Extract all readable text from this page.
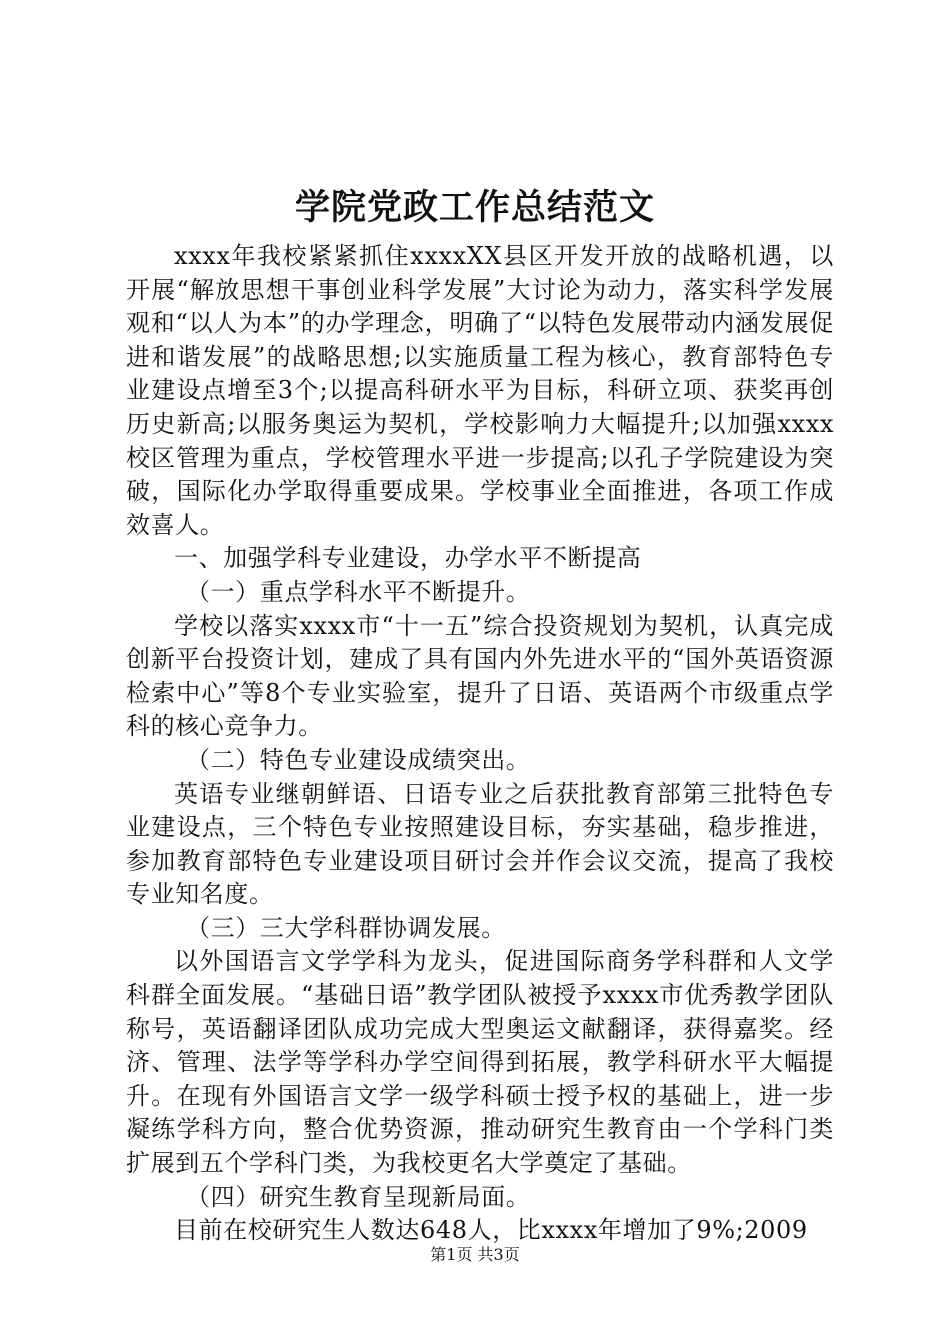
学院党政工作总结范文

xxxx年我校紧紧抓住xxxxXX县区开发开放的战略机遇，以开展“解放思想干事创业科学发展”大讨论为动力，落实科学发展观和“以人为本”的办学理念，明确了“以特色发展带动内涵发展促进和谐发展”的战略思想;以实施质量工程为核心，教育部特色专业建设点增至3个;以提高科研水平为目标，科研立项、获奖再创历史新高;以服务奥运为契机，学校影响力大幅提升;以加强xxxx校区管理为重点，学校管理水平进一步提高;以孔子学院建设为突破，国际化办学取得重要成果。学校事业全面推进，各项工作成效喜人。

一、加强学科专业建设，办学水平不断提高

（一）重点学科水平不断提升。

学校以落实xxxx市“十一五”综合投资规划为契机，认真完成创新平台投资计划，建成了具有国内外先进水平的“国外英语资源检索中心”等8个专业实验室，提升了日语、英语两个市级重点学科的核心竞争力。

（二）特色专业建设成绩突出。

英语专业继朝鲜语、日语专业之后获批教育部第三批特色专业建设点，三个特色专业按照建设目标，夯实基础，稳步推进，参加教育部特色专业建设项目研讨会并作会议交流，提高了我校专业知名度。

（三）三大学科群协调发展。

以外国语言文学学科为龙头，促进国际商务学科群和人文学科群全面发展。“基础日语”教学团队被授予xxxx市优秀教学团队称号，英语翻译团队成功完成大型奥运文献翻译，获得嘉奖。经济、管理、法学等学科办学空间得到拓展，教学科研水平大幅提升。在现有外国语言文学一级学科硕士授予权的基础上，进一步凝练学科方向，整合优势资源，推动研究生教育由一个学科门类扩展到五个学科门类，为我校更名大学奠定了基础。

（四）研究生教育呈现新局面。

目前在校研究生人数达648人，比xxxx年增加了9%;2009

第1页 共3页
